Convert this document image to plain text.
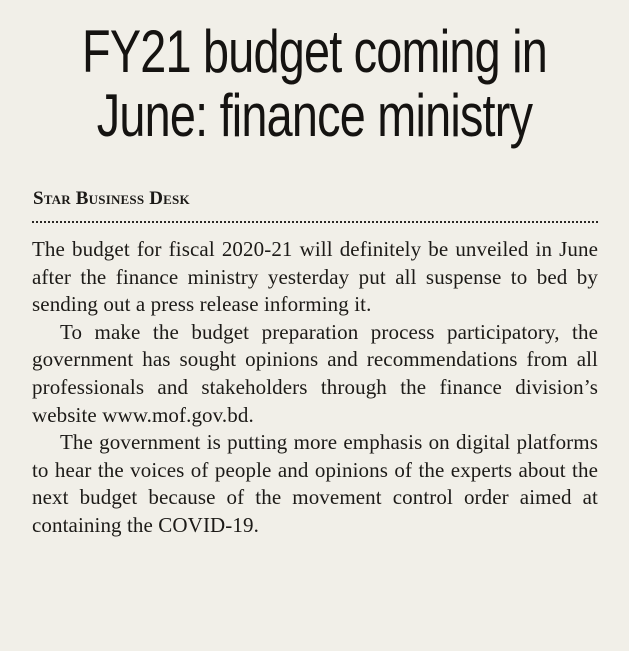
FY21 budget coming in
June: finance ministry
Star Business Desk

The budget for fiscal 2020-21 will definitely be unveiled in June after the finance ministry yesterday put all suspense to bed by sending out a press release informing it.

To make the budget preparation process participatory, the government has sought opinions and recommendations from all professionals and stakeholders through the finance division’s website www.mof.gov.bd.

The government is putting more emphasis on digital platforms to hear the voices of people and opinions of the experts about the next budget because of the movement control order aimed at containing the COVID-19.
